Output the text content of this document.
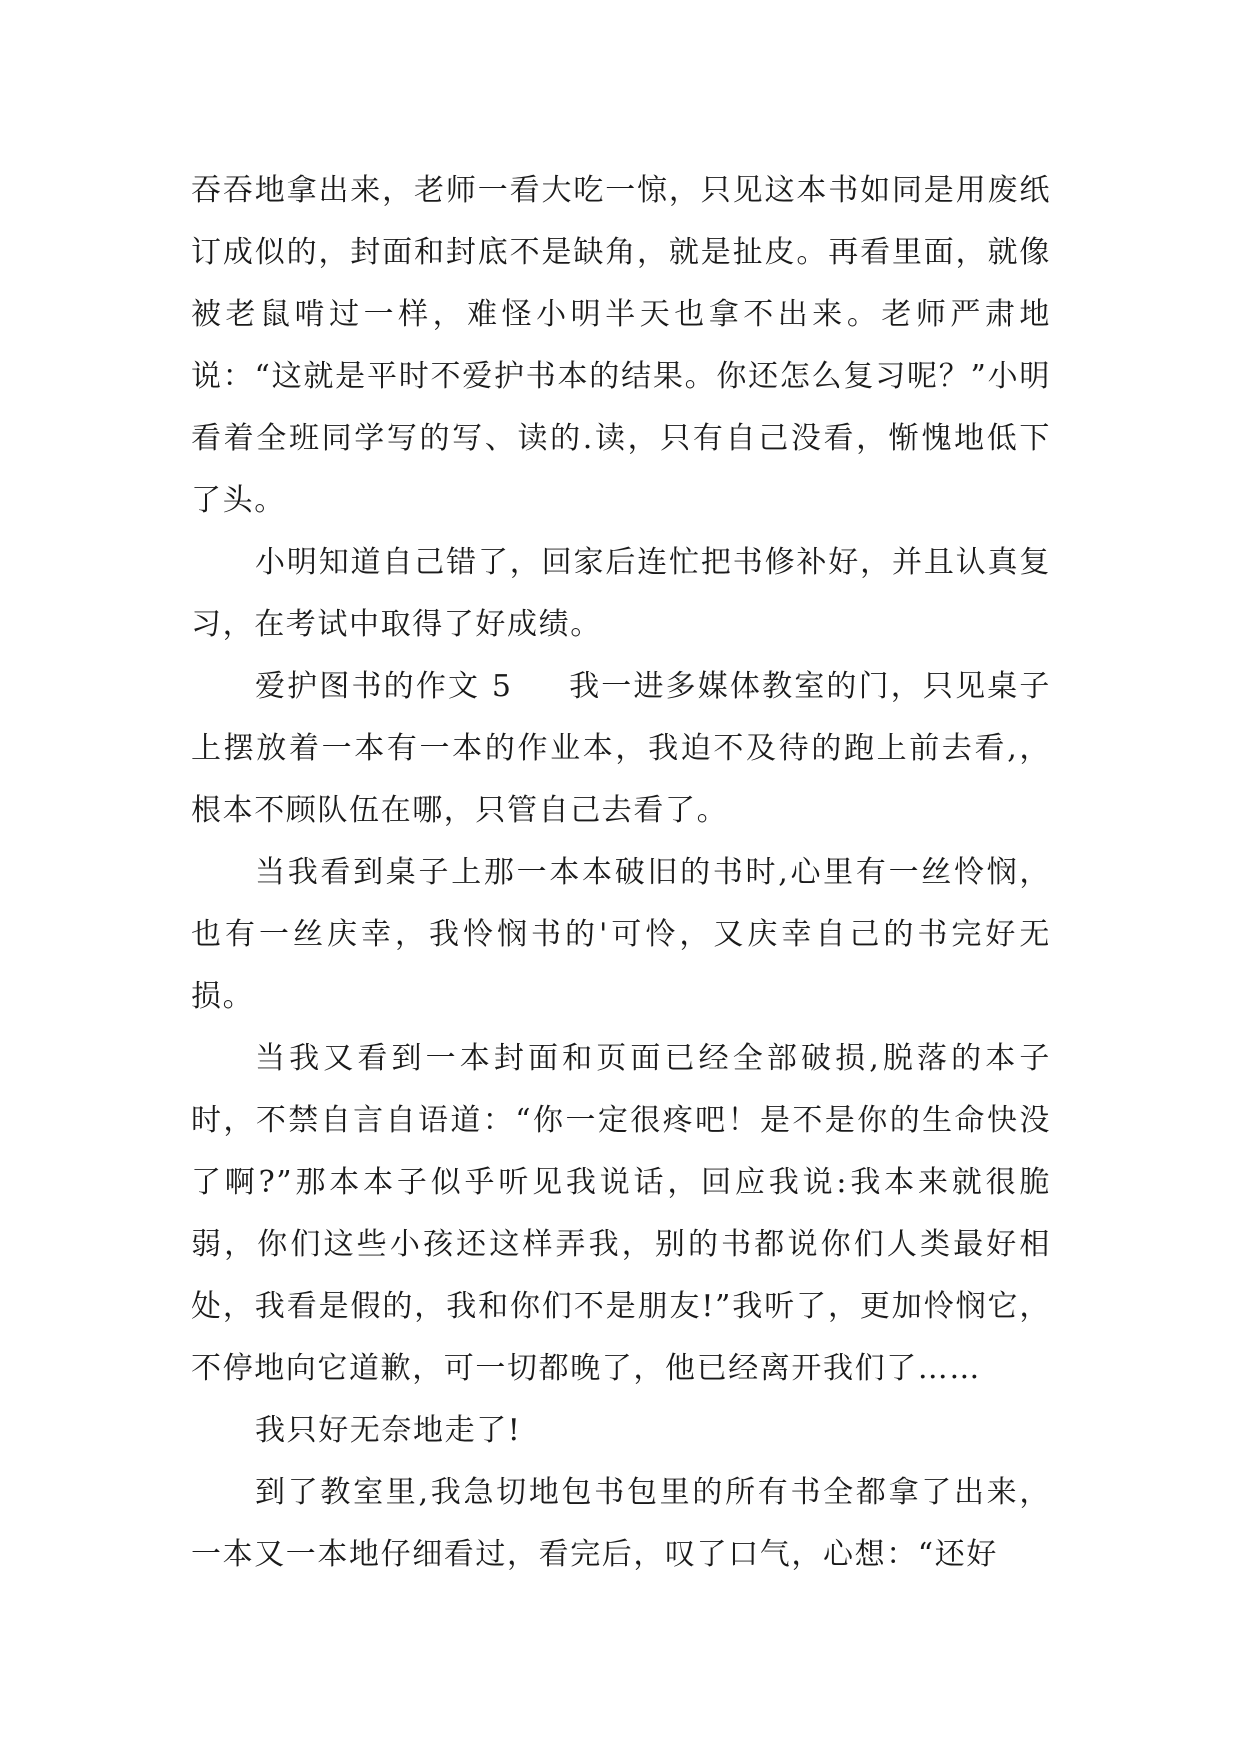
吞吞地拿出来，老师一看大吃一惊，只见这本书如同是用废纸订成似的，封面和封底不是缺角，就是扯皮。再看里面，就像被老鼠啃过一样，难怪小明半天也拿不出来。老师严肃地说：“这就是平时不爱护书本的结果。你还怎么复习呢？”小明看着全班同学写的写、读的.读，只有自己没看，惭愧地低下了头。

小明知道自己错了，回家后连忙把书修补好，并且认真复习，在考试中取得了好成绩。

爱护图书的作文 5 我一进多媒体教室的门，只见桌子上摆放着一本有一本的作业本，我迫不及待的跑上前去看,，根本不顾队伍在哪，只管自己去看了。

当我看到桌子上那一本本破旧的书时,心里有一丝怜悯，也有一丝庆幸，我怜悯书的'可怜，又庆幸自己的书完好无损。

当我又看到一本封面和页面已经全部破损,脱落的本子时，不禁自言自语道：“你一定很疼吧！是不是你的生命快没了啊?”那本本子似乎听见我说话，回应我说:我本来就很脆弱，你们这些小孩还这样弄我，别的书都说你们人类最好相处，我看是假的，我和你们不是朋友!”我听了，更加怜悯它，不停地向它道歉，可一切都晚了，他已经离开我们了……

我只好无奈地走了!

到了教室里,我急切地包书包里的所有书全都拿了出来，一本又一本地仔细看过，看完后，叹了口气，心想：“还好
